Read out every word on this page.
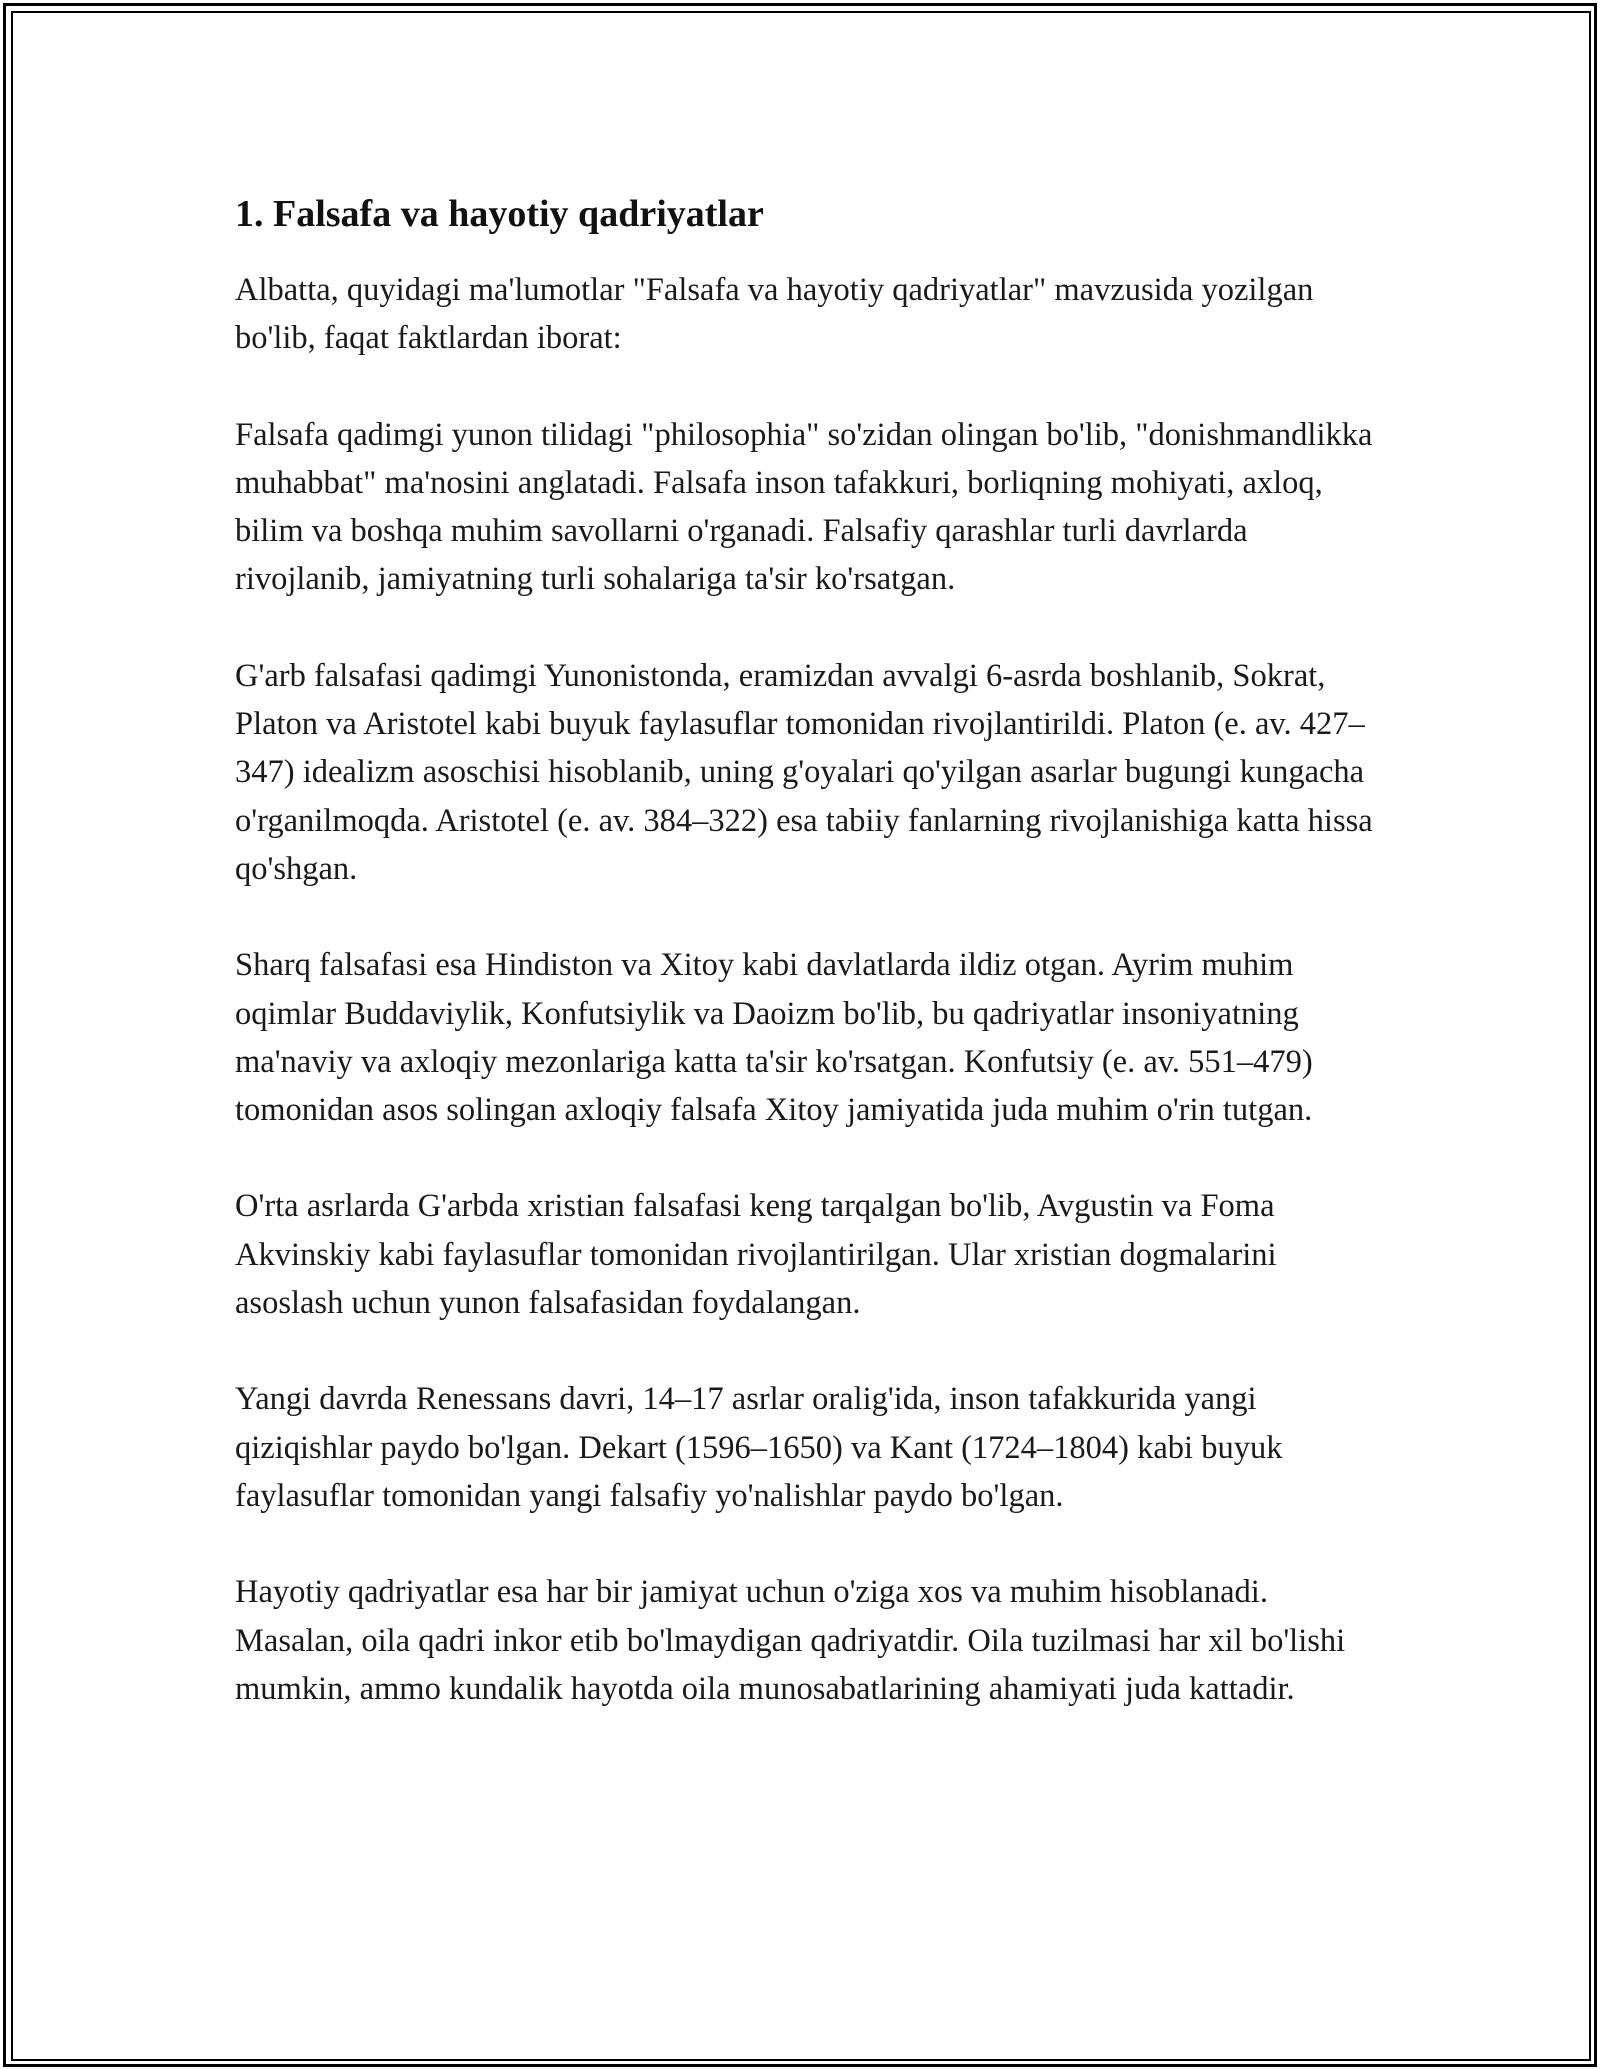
1. Falsafa va hayotiy qadriyatlar

Albatta, quyidagi ma'lumotlar "Falsafa va hayotiy qadriyatlar" mavzusida yozilgan bo'lib, faqat faktlardan iborat:

Falsafa qadimgi yunon tilidagi "philosophia" so'zidan olingan bo'lib, "donishmandlikka muhabbat" ma'nosini anglatadi. Falsafa inson tafakkuri, borliqning mohiyati, axloq, bilim va boshqa muhim savollarni o'rganadi. Falsafiy qarashlar turli davrlarda rivojlanib, jamiyatning turli sohalariga ta'sir ko'rsatgan.

G'arb falsafasi qadimgi Yunonistonda, eramizdan avvalgi 6-asrda boshlanib, Sokrat, Platon va Aristotel kabi buyuk faylasuflar tomonidan rivojlantirildi. Platon (e. av. 427–347) idealizm asoschisi hisoblanib, uning g'oyalari qo'yilgan asarlar bugungi kungacha o'rganilmoqda. Aristotel (e. av. 384–322) esa tabiiy fanlarning rivojlanishiga katta hissa qo'shgan.

Sharq falsafasi esa Hindiston va Xitoy kabi davlatlarda ildiz otgan. Ayrim muhim oqimlar Buddaviylik, Konfutsiylik va Daoizm bo'lib, bu qadriyatlar insoniyatning ma'naviy va axloqiy mezonlariga katta ta'sir ko'rsatgan. Konfutsiy (e. av. 551–479) tomonidan asos solingan axloqiy falsafa Xitoy jamiyatida juda muhim o'rin tutgan.

O'rta asrlarda G'arbda xristian falsafasi keng tarqalgan bo'lib, Avgustin va Foma Akvinskiy kabi faylasuflar tomonidan rivojlantirilgan. Ular xristian dogmalarini asoslash uchun yunon falsafasidan foydalangan.

Yangi davrda Renessans davri, 14–17 asrlar oralig'ida, inson tafakkurida yangi qiziqishlar paydo bo'lgan. Dekart (1596–1650) va Kant (1724–1804) kabi buyuk faylasuflar tomonidan yangi falsafiy yo'nalishlar paydo bo'lgan.

Hayotiy qadriyatlar esa har bir jamiyat uchun o'ziga xos va muhim hisoblanadi. Masalan, oila qadri inkor etib bo'lmaydigan qadriyatdir. Oila tuzilmasi har xil bo'lishi mumkin, ammo kundalik hayotda oila munosabatlarining ahamiyati juda kattadir.
